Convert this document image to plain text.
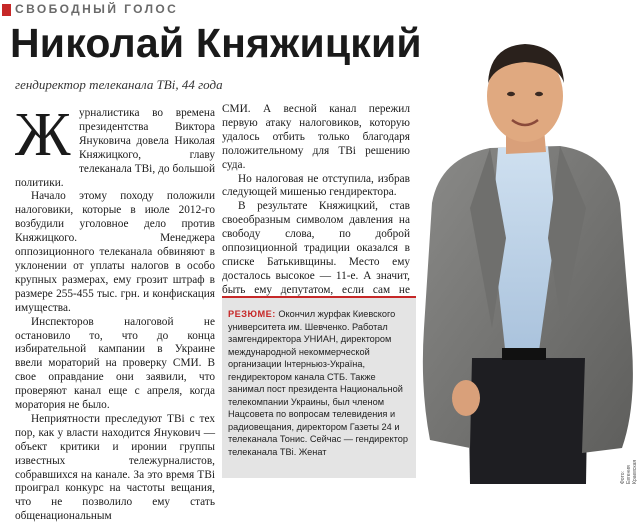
СВОБОДНЫЙ ГОЛОС
Николай Княжицкий

гендиректор телеканала ТВі, 44 года

Журналистика во времена президентства Виктора Януковича довела Николая Княжицкого, главу телеканала ТВі, до большой политики.

Начало этому походу положили налоговики, которые в июле 2012-го возбудили уголовное дело против Княжицкого. Менеджера оппозиционного телеканала обвиняют в уклонении от уплаты налогов в особо крупных размерах, ему грозит штраф в размере 255-455 тыс. грн. и конфискация имущества.

Инспекторов налоговой не остановило то, что до конца избирательной кампании в Украине ввели мораторий на проверку СМИ. В свое оправдание они заявили, что проверяют канал еще с апреля, когда моратория не было.

Неприятности преследуют ТВі с тех пор, как у власти находится Янукович — объект критики и иронии группы известных тележурналистов, собравшихся на канале. За это время ТВі проиграл конкурс на частоты вещания, что не позволило ему стать общенациональным

СМИ. А весной канал пережил первую атаку налоговиков, которую удалось отбить только благодаря положительному для ТВі решению суда.

Но налоговая не отступила, избрав следующей мишенью гендиректора.

В результате Княжицкий, став своеобразным символом давления на свободу слова, по доброй оппозиционной традиции оказался в списке Батькивщины. Место ему досталось высокое — 11-е. А значит, быть ему депутатом, если сам не

РЕЗЮМЕ: Окончил журфак Киевского университета им. Шевченко. Работал замгендиректора УНИАН, директором международной некоммерческой организации Інтерньюз-Україна, гендиректором канала СТБ. Также занимал пост президента Национальной телекомпании Украины, был членом Нацсовета по вопросам телевидения и радиовещания, директором Газеты 24 и телеканала Тонис. Сейчас — гендиректор телеканала ТВі. Женат
Фото: Евгения Краевская
